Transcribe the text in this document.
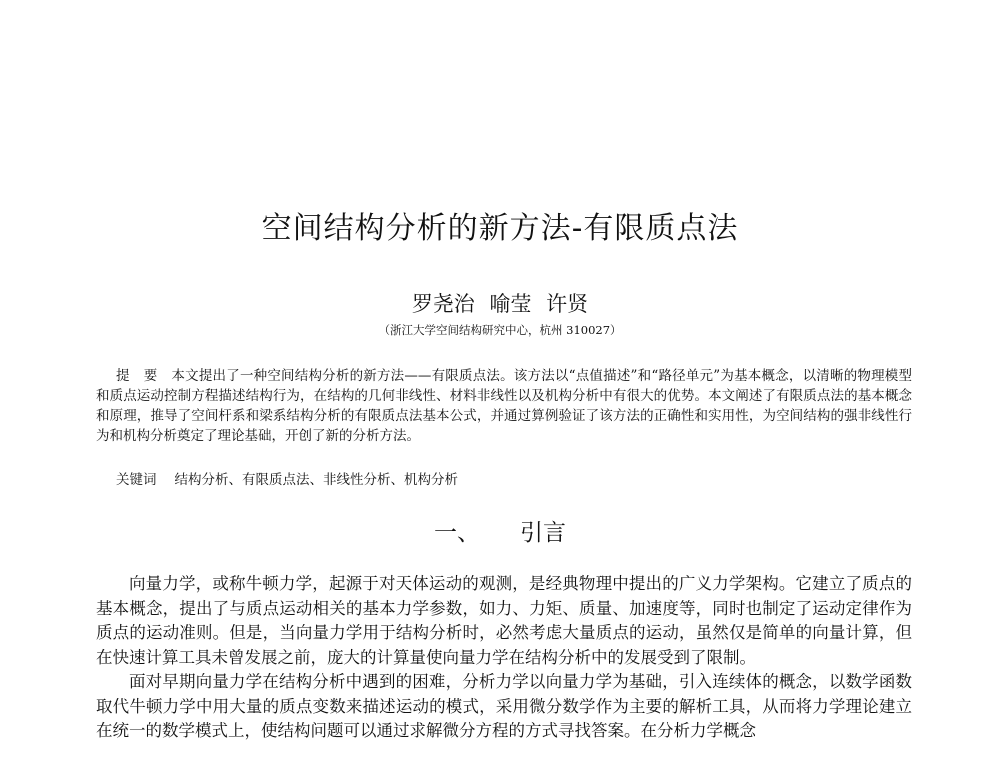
空间结构分析的新方法-有限质点法
罗尧治 喻莹 许贤
（浙江大学空间结构研究中心，杭州 310027）
提要本文提出了一种空间结构分析的新方法——有限质点法。该方法以“点值描述”和“路径单元”为基本概念，以清晰的物理模型和质点运动控制方程描述结构行为，在结构的几何非线性、材料非线性以及机构分析中有很大的优势。本文阐述了有限质点法的基本概念和原理，推导了空间杆系和梁系结构分析的有限质点法基本公式，并通过算例验证了该方法的正确性和实用性，为空间结构的强非线性行为和机构分析奠定了理论基础，开创了新的分析方法。
关键词 结构分析、有限质点法、非线性分析、机构分析
一、 引言

向量力学，或称牛顿力学，起源于对天体运动的观测，是经典物理中提出的广义力学架构。它建立了质点的基本概念，提出了与质点运动相关的基本力学参数，如力、力矩、质量、加速度等，同时也制定了运动定律作为质点的运动准则。但是，当向量力学用于结构分析时，必然考虑大量质点的运动，虽然仅是简单的向量计算，但在快速计算工具未曾发展之前，庞大的计算量使向量力学在结构分析中的发展受到了限制。

面对早期向量力学在结构分析中遇到的困难，分析力学以向量力学为基础，引入连续体的概念，以数学函数取代牛顿力学中用大量的质点变数来描述运动的模式，采用微分数学作为主要的解析工具，从而将力学理论建立在统一的数学模式上，使结构问题可以通过求解微分方程的方式寻找答案。在分析力学概念
